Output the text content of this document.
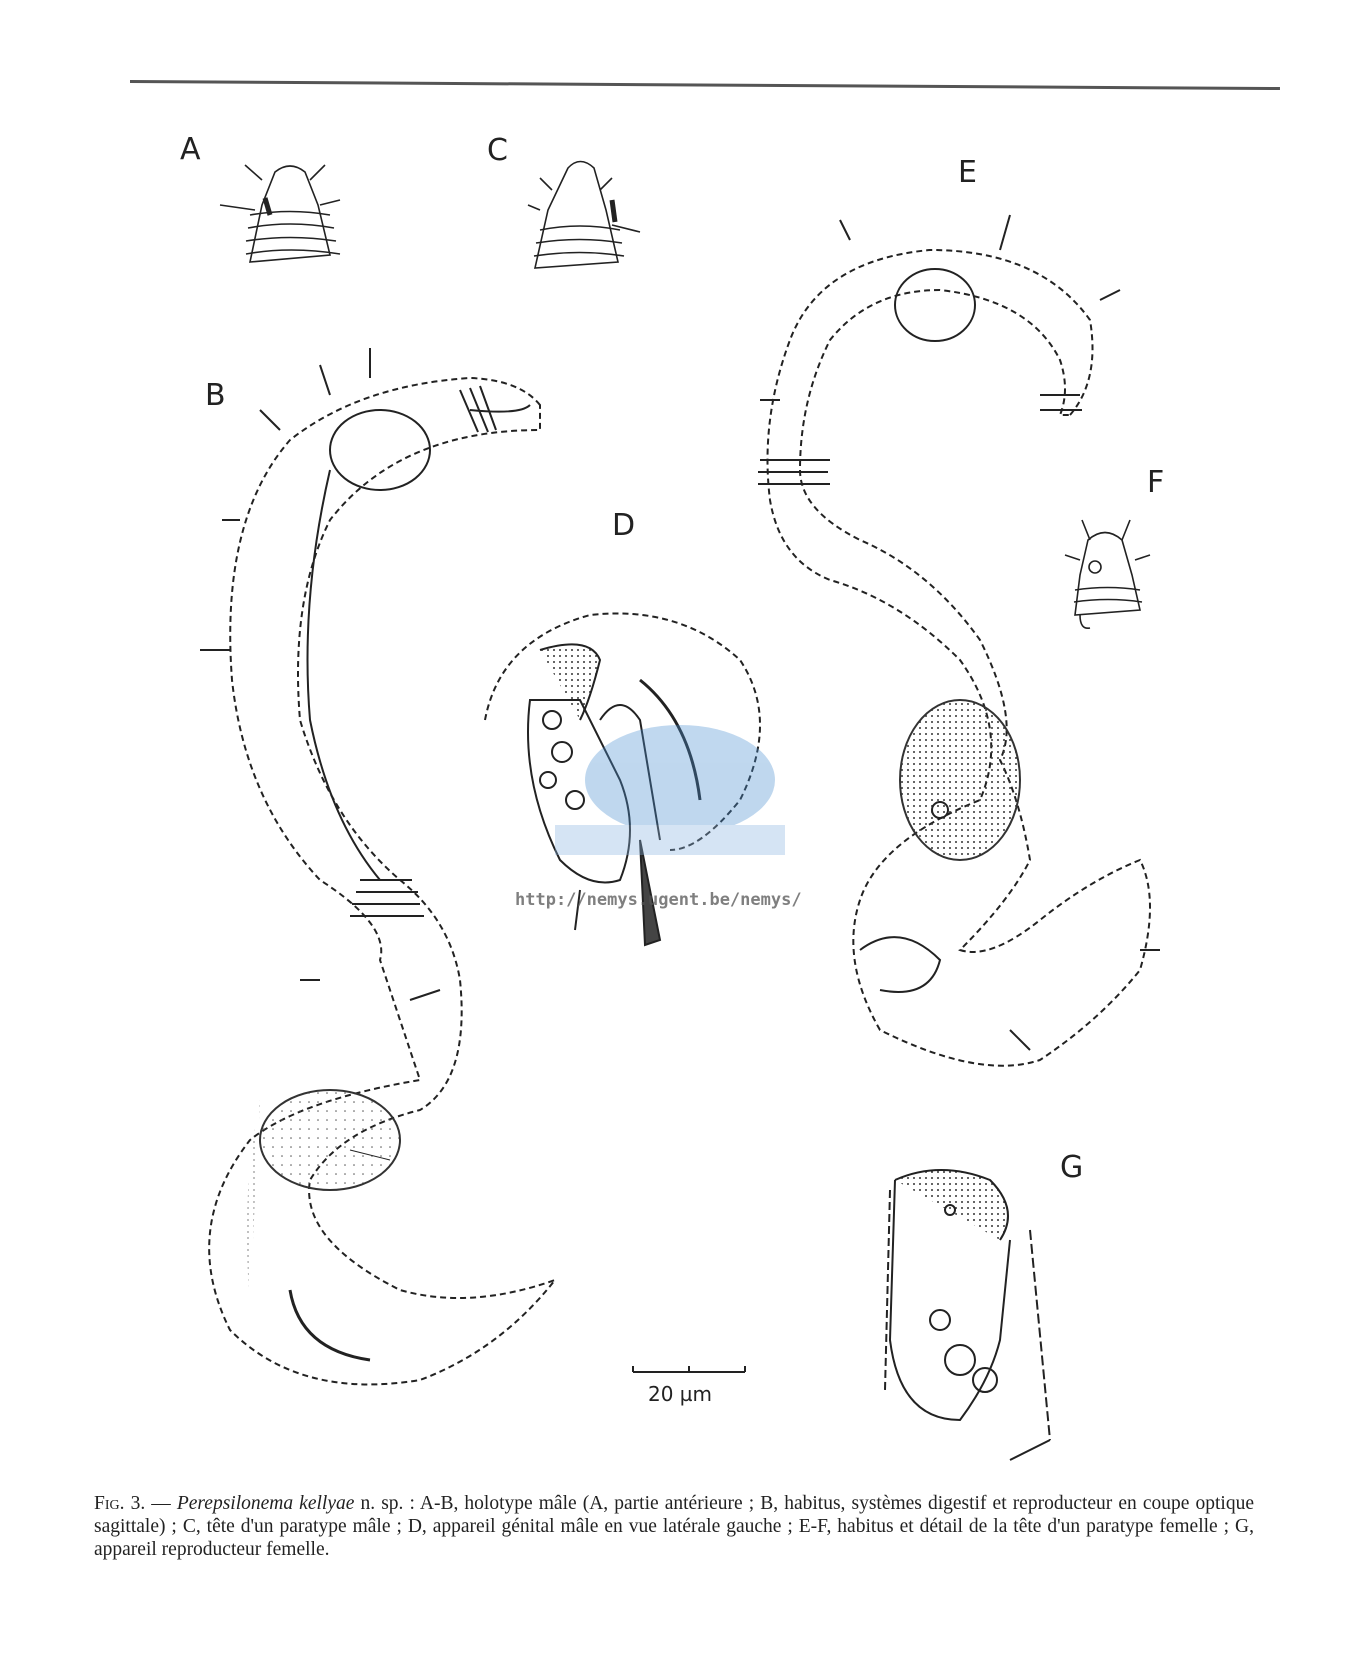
A	C
E
B
D
F
G
20 µm
http://nemys.ugent.be/nemys/
Fig. 3. — Perepsilonema kellyae n. sp. : A-B, holotype mâle (A, partie antérieure ; B, habitus, systèmes digestif et reproducteur en coupe optique sagittale) ; C, tête d'un paratype mâle ; D, appareil génital mâle en vue latérale gauche ; E-F, habitus et détail de la tête d'un paratype femelle ; G, appareil reproducteur femelle.
